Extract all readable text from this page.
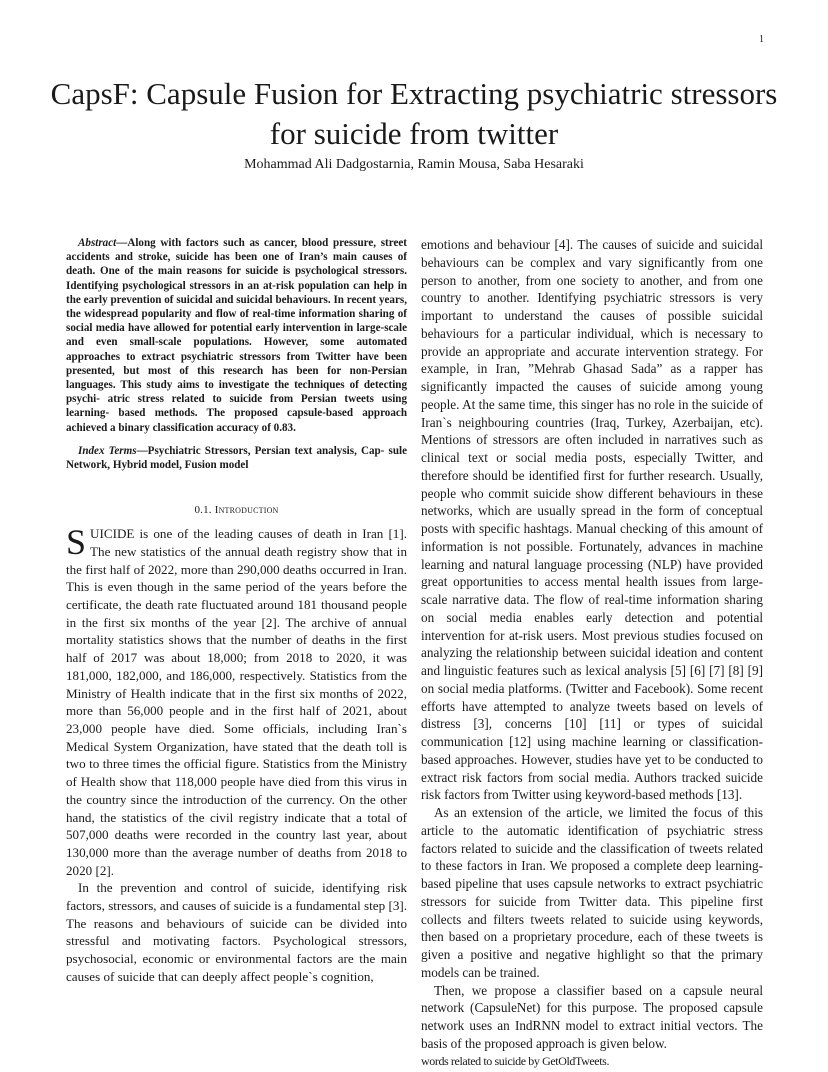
1
CapsF: Capsule Fusion for Extracting psychiatric stressors for suicide from twitter
Mohammad Ali Dadgostarnia, Ramin Mousa, Saba Hesaraki

Abstract—Along with factors such as cancer, blood pressure, street accidents and stroke, suicide has been one of Iran’s main causes of death. One of the main reasons for suicide is psychological stressors. Identifying psychological stressors in an at-risk population can help in the early prevention of suicidal and suicidal behaviours. In recent years, the widespread popularity and flow of real-time information sharing of social media have allowed for potential early intervention in large-scale and even small-scale populations. However, some automated approaches to extract psychiatric stressors from Twitter have been presented, but most of this research has been for non-Persian languages. This study aims to investigate the techniques of detecting psychi- atric stress related to suicide from Persian tweets using learning- based methods. The proposed capsule-based approach achieved a binary classification accuracy of 0.83.

Index Terms—Psychiatric Stressors, Persian text analysis, Cap- sule Network, Hybrid model, Fusion model

0.1. Introduction

SUICIDE is one of the leading causes of death in Iran [1]. The new statistics of the annual death registry show that in the first half of 2022, more than 290,000 deaths occurred in Iran. This is even though in the same period of the years before the certificate, the death rate fluctuated around 181 thousand people in the first six months of the year [2]. The archive of annual mortality statistics shows that the number of deaths in the first half of 2017 was about 18,000; from 2018 to 2020, it was 181,000, 182,000, and 186,000, respectively. Statistics from the Ministry of Health indicate that in the first six months of 2022, more than 56,000 people and in the first half of 2021, about 23,000 people have died. Some officials, including Iran`s Medical System Organization, have stated that the death toll is two to three times the official figure. Statistics from the Ministry of Health show that 118,000 people have died from this virus in the country since the introduction of the currency. On the other hand, the statistics of the civil registry indicate that a total of 507,000 deaths were recorded in the country last year, about 130,000 more than the average number of deaths from 2018 to 2020 [2].

In the prevention and control of suicide, identifying risk factors, stressors, and causes of suicide is a fundamental step [3]. The reasons and behaviours of suicide can be divided into stressful and motivating factors. Psychological stressors, psychosocial, economic or environmental factors are the main causes of suicide that can deeply affect people`s cognition,

emotions and behaviour [4]. The causes of suicide and suicidal behaviours can be complex and vary significantly from one person to another, from one society to another, and from one country to another. Identifying psychiatric stressors is very important to understand the causes of possible suicidal behaviours for a particular individual, which is necessary to provide an appropriate and accurate intervention strategy. For example, in Iran, ”Mehrab Ghasad Sada” as a rapper has significantly impacted the causes of suicide among young people. At the same time, this singer has no role in the suicide of Iran`s neighbouring countries (Iraq, Turkey, Azerbaijan, etc). Mentions of stressors are often included in narratives such as clinical text or social media posts, especially Twitter, and therefore should be identified first for further research. Usually, people who commit suicide show different behaviours in these networks, which are usually spread in the form of conceptual posts with specific hashtags. Manual checking of this amount of information is not possible. Fortunately, advances in machine learning and natural language processing (NLP) have provided great opportunities to access mental health issues from large-scale narrative data. The flow of real-time information sharing on social media enables early detection and potential intervention for at-risk users. Most previous studies focused on analyzing the relationship between suicidal ideation and content and linguistic features such as lexical analysis [5] [6] [7] [8] [9] on social media platforms. (Twitter and Facebook). Some recent efforts have attempted to analyze tweets based on levels of distress [3], concerns [10] [11] or types of suicidal communication [12] using machine learning or classification-based approaches. However, studies have yet to be conducted to extract risk factors from social media. Authors tracked suicide risk factors from Twitter using keyword-based methods [13].

As an extension of the article, we limited the focus of this article to the automatic identification of psychiatric stress factors related to suicide and the classification of tweets related to these factors in Iran. We proposed a complete deep learning-based pipeline that uses capsule networks to extract psychiatric stressors for suicide from Twitter data. This pipeline first collects and filters tweets related to suicide using keywords, then based on a proprietary procedure, each of these tweets is given a positive and negative highlight so that the primary models can be trained.

Then, we propose a classifier based on a capsule neural network (CapsuleNet) for this purpose. The proposed capsule network uses an IndRNN model to extract initial vectors. The basis of the proposed approach is given below.

words related to suicide by GetOldTweets.
